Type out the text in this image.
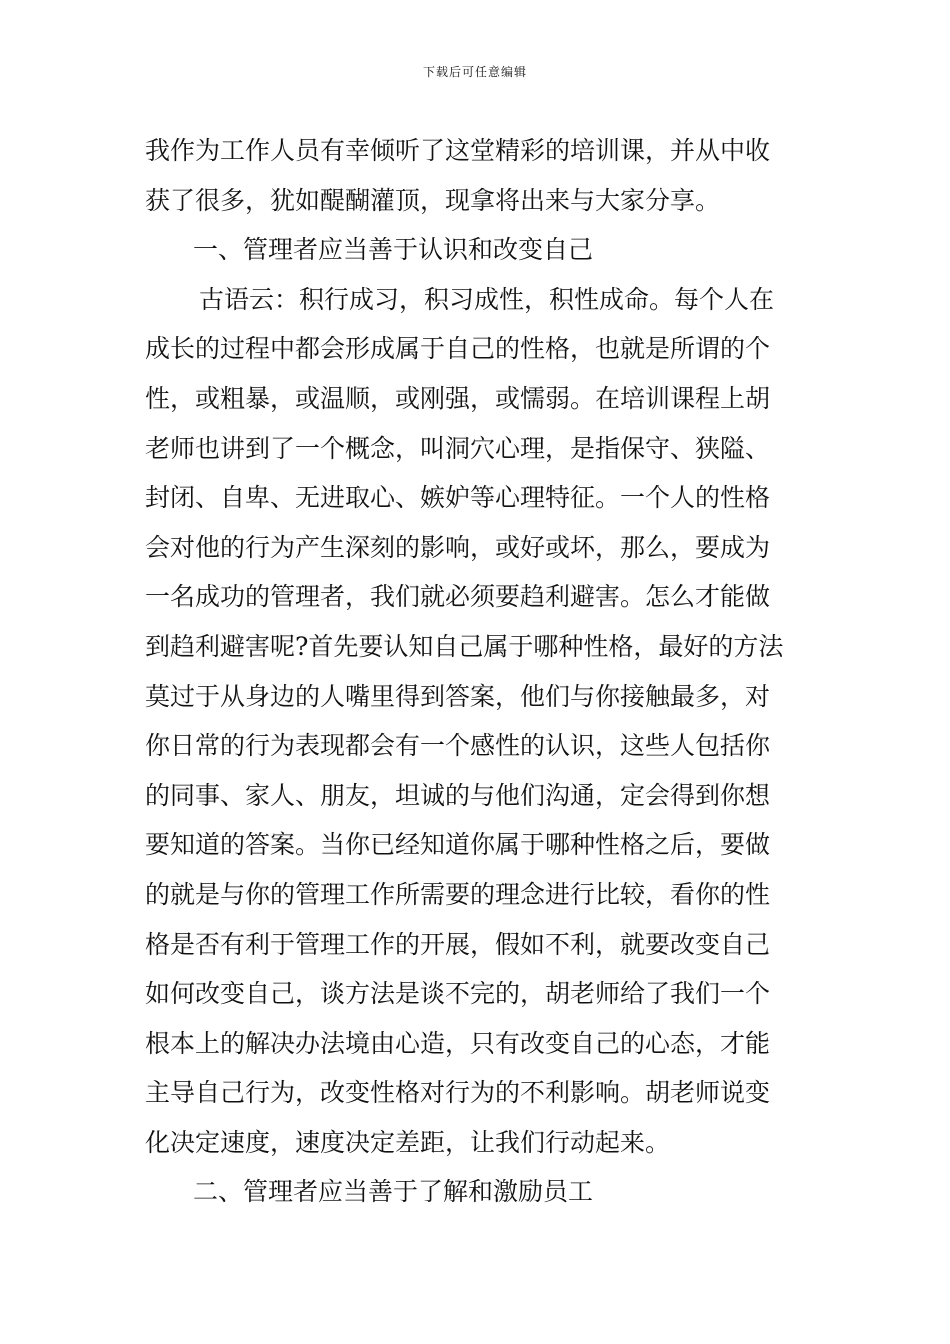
下载后可任意编辑
我作为工作人员有幸倾听了这堂精彩的培训课，并从中收
获了很多，犹如醍醐灌顶，现拿将出来与大家分享。
一、管理者应当善于认识和改变自己
古语云：积行成习，积习成性，积性成命。每个人在
成长的过程中都会形成属于自己的性格，也就是所谓的个
性，或粗暴，或温顺，或刚强，或懦弱。在培训课程上胡
老师也讲到了一个概念，叫洞穴心理，是指保守、狭隘、
封闭、自卑、无进取心、嫉妒等心理特征。一个人的性格
会对他的行为产生深刻的影响，或好或坏，那么，要成为
一名成功的管理者，我们就必须要趋利避害。怎么才能做
到趋利避害呢?首先要认知自己属于哪种性格，最好的方法
莫过于从身边的人嘴里得到答案，他们与你接触最多，对
你日常的行为表现都会有一个感性的认识，这些人包括你
的同事、家人、朋友，坦诚的与他们沟通，定会得到你想
要知道的答案。当你已经知道你属于哪种性格之后，要做
的就是与你的管理工作所需要的理念进行比较，看你的性
格是否有利于管理工作的开展，假如不利，就要改变自己
如何改变自己，谈方法是谈不完的，胡老师给了我们一个
根本上的解决办法境由心造，只有改变自己的心态，才能
主导自己行为，改变性格对行为的不利影响。胡老师说变
化决定速度，速度决定差距，让我们行动起来。
二、管理者应当善于了解和激励员工
